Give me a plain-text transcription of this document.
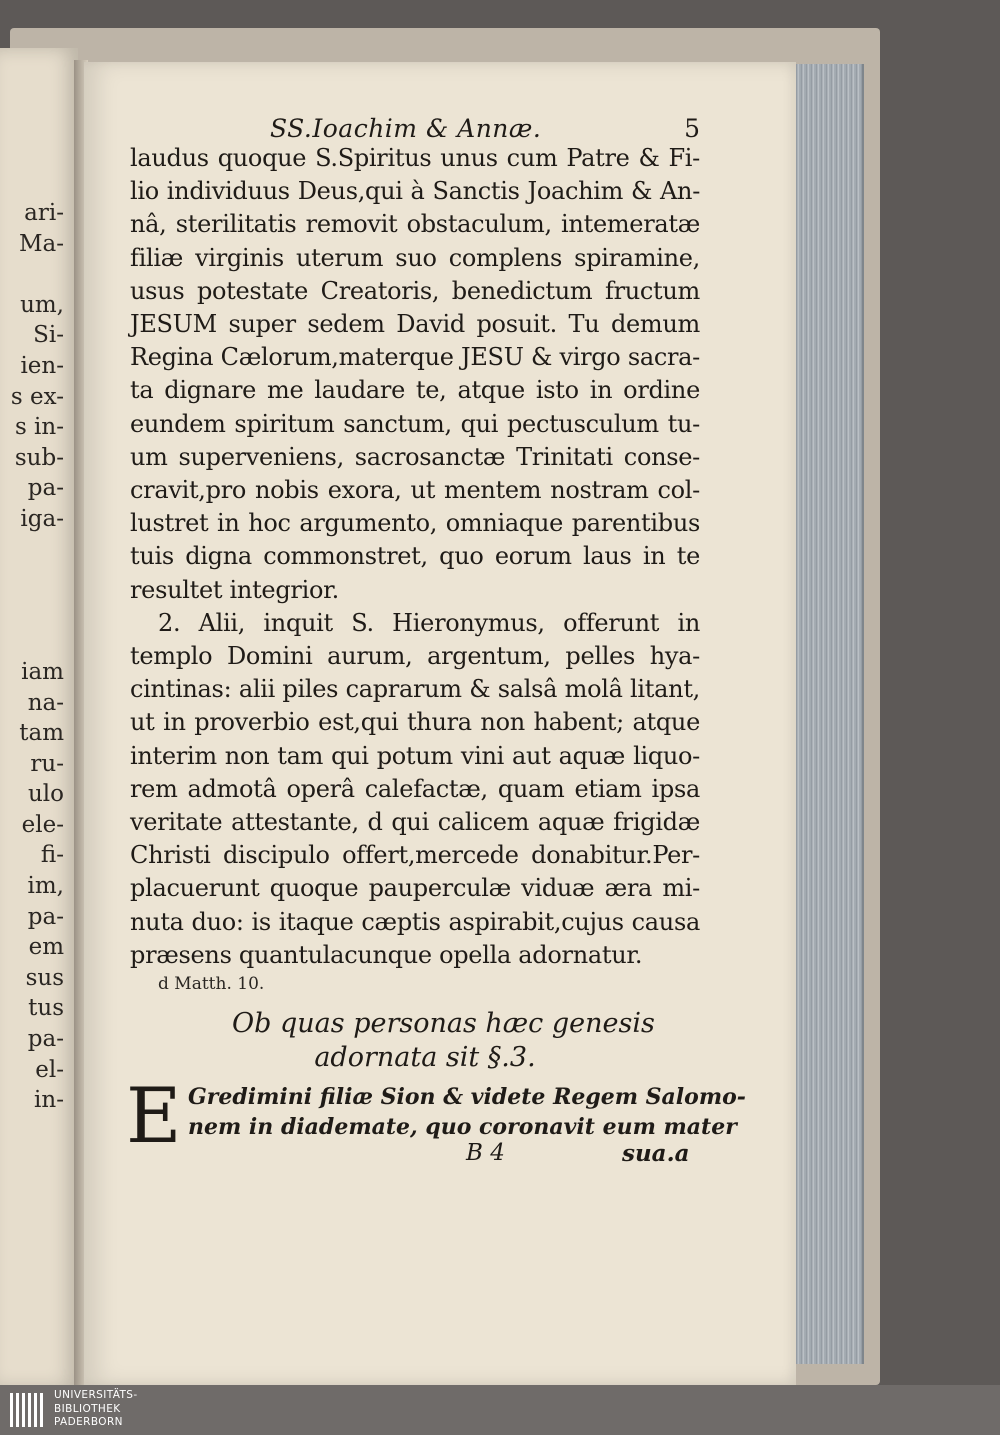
ari-
Ma-

um,
Si-
ien-
s ex-
s in-
sub-
pa-
iga-

iam
na-
tam
ru-
ulo
ele-
fi-
im,
pa-
em
sus
tus
pa-
el-
in-

SS.Ioachim & Annæ.	5

laudus quoque S.Spiritus unus cum Patre & Fi-

lio individuus Deus,qui à Sanctis Joachim & An-

nâ, sterilitatis removit obstaculum, intemeratæ

filiæ virginis uterum suo complens spiramine,

usus potestate Creatoris, benedictum fructum

JESUM super sedem David posuit. Tu demum

Regina Cælorum,materque JESU & virgo sacra-

ta dignare me laudare te, atque isto in ordine

eundem spiritum sanctum, qui pectusculum tu-

um superveniens, sacrosanctæ Trinitati conse-

cravit,pro nobis exora, ut mentem nostram col-

lustret in hoc argumento, omniaque parentibus

tuis digna commonstret, quo eorum laus in te

resultet integrior.

2. Alii, inquit S. Hieronymus, offerunt in

templo Domini aurum, argentum, pelles hya-

cintinas: alii piles caprarum & salsâ molâ litant,

ut in proverbio est,qui thura non habent; atque

interim non tam qui potum vini aut aquæ liquo-

rem admotâ operâ calefactæ, quam etiam ipsa

veritate attestante, d qui calicem aquæ frigidæ

Christi discipulo offert,mercede donabitur.Per-

placuerunt quoque pauperculæ viduæ æra mi-

nuta duo: is itaque cæptis aspirabit,cujus causa

præsens quantulacunque opella adornatur.

d Matth. 10.

Ob quas personas hæc genesis

adornata sit §.3.

E Gredimini filiæ Sion & videte Regem Salomo-

nem in diademate, quo coronavit eum mater

B 4	sua.a

UNIVERSITÄTS-
BIBLIOTHEK
PADERBORN
